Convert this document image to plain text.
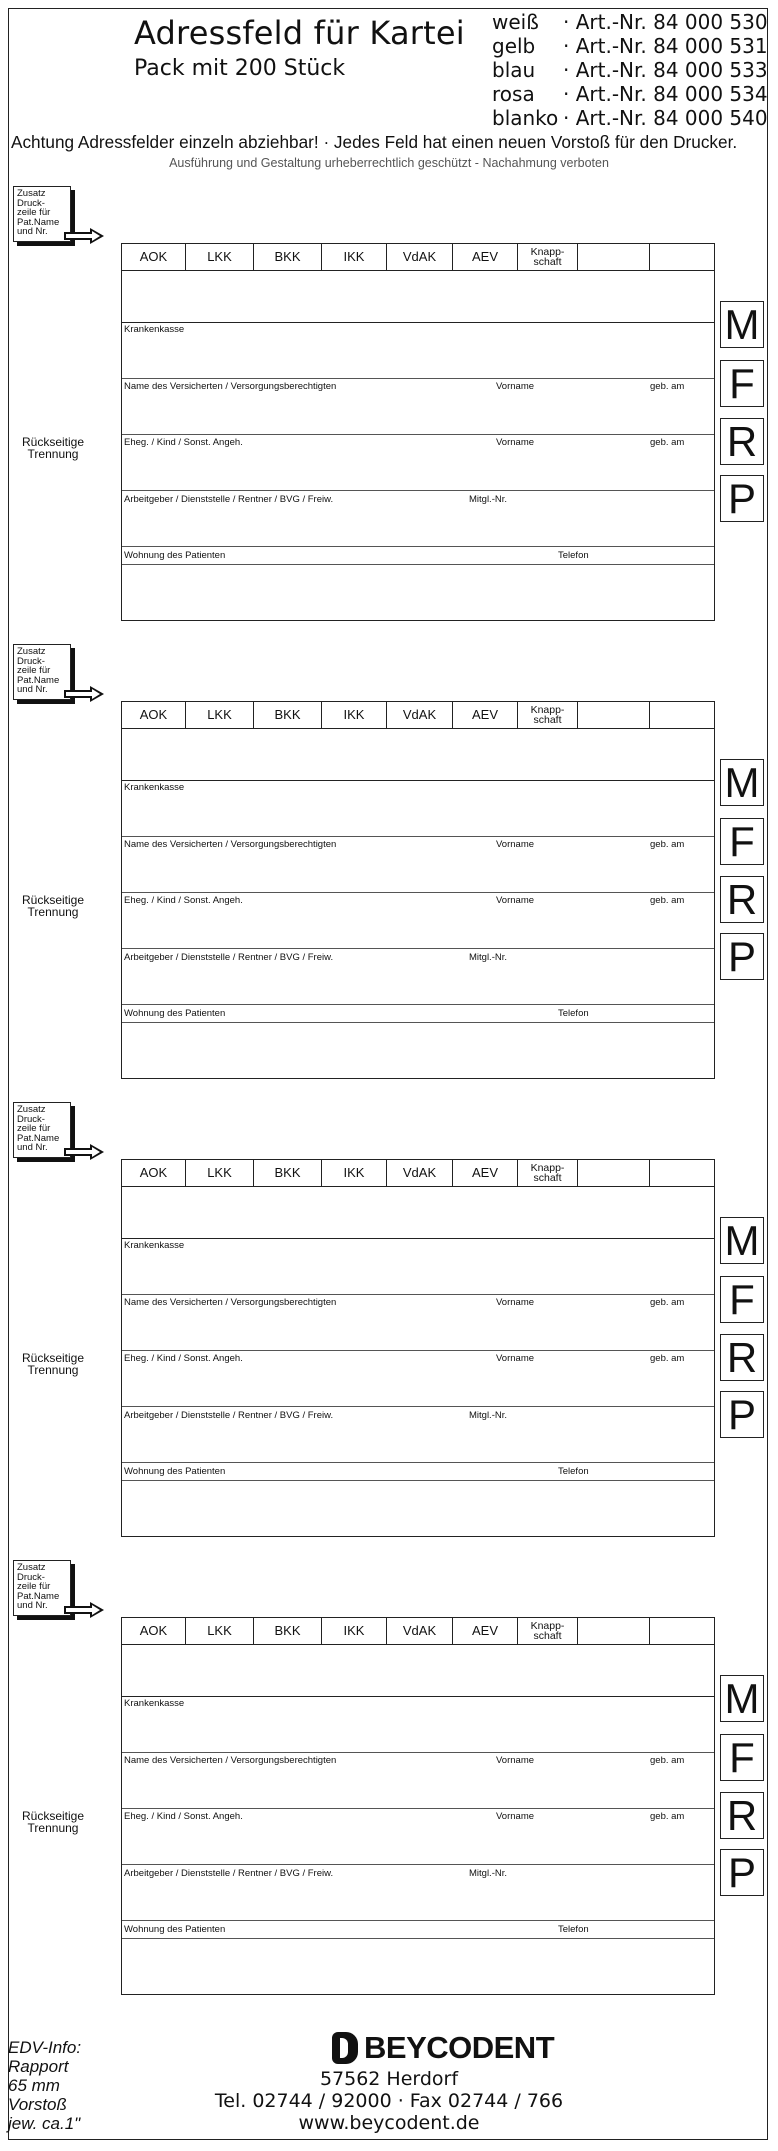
Adressfeld für Kartei
Pack mit 200 Stück
weiß · Art.-Nr. 84 000 530
gelb · Art.-Nr. 84 000 531
blau · Art.-Nr. 84 000 533
rosa · Art.-Nr. 84 000 534
blanko · Art.-Nr. 84 000 540
Achtung Adressfelder einzeln abziehbar! · Jedes Feld hat einen neuen Vorstoß für den Drucker.
Ausführung und Gestaltung urheberrechtlich geschützt - Nachahmung verboten
Zusatz
Druck-
zeile für
Pat.Name
und Nr.
Rückseitige
Trennung
AOK	LKK	BKK	IKK	VdAK	AEV	Knapp-
schaft
Krankenkasse
Name des Versicherten / Versorgungsberechtigten	Vorname	geb. am
Eheg. / Kind / Sonst. Angeh.	Vorname	geb. am
Arbeitgeber / Dienststelle / Rentner / BVG / Freiw.	Mitgl.-Nr.
Wohnung des Patienten	Telefon
M
F
R
P
Zusatz
Druck-
zeile für
Pat.Name
und Nr.
Rückseitige
Trennung
AOK	LKK	BKK	IKK	VdAK	AEV	Knapp-
schaft
Krankenkasse
Name des Versicherten / Versorgungsberechtigten	Vorname	geb. am
Eheg. / Kind / Sonst. Angeh.	Vorname	geb. am
Arbeitgeber / Dienststelle / Rentner / BVG / Freiw.	Mitgl.-Nr.
Wohnung des Patienten	Telefon
M
F
R
P
Zusatz
Druck-
zeile für
Pat.Name
und Nr.
Rückseitige
Trennung
AOK	LKK	BKK	IKK	VdAK	AEV	Knapp-
schaft
Krankenkasse
Name des Versicherten / Versorgungsberechtigten	Vorname	geb. am
Eheg. / Kind / Sonst. Angeh.	Vorname	geb. am
Arbeitgeber / Dienststelle / Rentner / BVG / Freiw.	Mitgl.-Nr.
Wohnung des Patienten	Telefon
M
F
R
P
Zusatz
Druck-
zeile für
Pat.Name
und Nr.
Rückseitige
Trennung
AOK	LKK	BKK	IKK	VdAK	AEV	Knapp-
schaft
Krankenkasse
Name des Versicherten / Versorgungsberechtigten	Vorname	geb. am
Eheg. / Kind / Sonst. Angeh.	Vorname	geb. am
Arbeitgeber / Dienststelle / Rentner / BVG / Freiw.	Mitgl.-Nr.
Wohnung des Patienten	Telefon
M
F
R
P
EDV-Info:
Rapport
65 mm
Vorstoß
jew. ca.1"
BEYCODENT
57562 Herdorf
Tel. 02744 / 92000 · Fax 02744 / 766
www.beycodent.de
